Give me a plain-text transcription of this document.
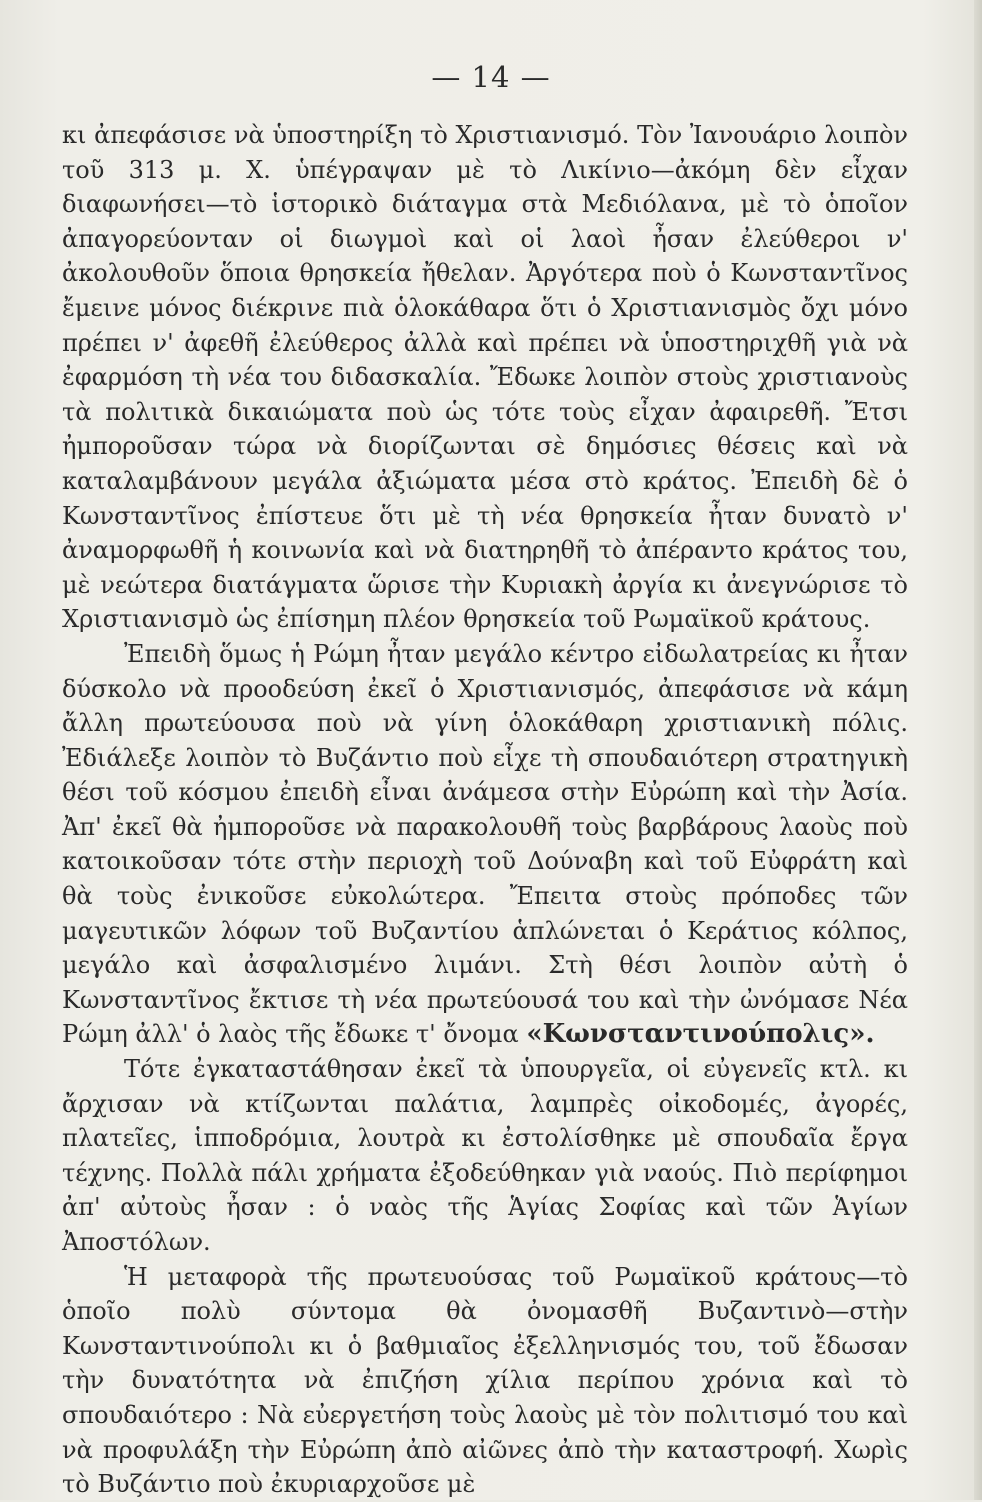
— 14 —

κι ἀπεφάσισε νὰ ὑποστηρίξη τὸ Χριστιανισμό. Τὸν Ἰανουάριο λοιπὸν τοῦ 313 μ. Χ. ὑπέγραψαν μὲ τὸ Λικίνιο—ἀκόμη δὲν εἶχαν διαφωνήσει—τὸ ἱστορικὸ διάταγμα στὰ Μεδιόλανα, μὲ τὸ ὁποῖον ἀπαγορεύονταν οἱ διωγμοὶ καὶ οἱ λαοὶ ἦσαν ἐλεύθεροι ν' ἀκολουθοῦν ὅποια θρησκεία ἤθελαν. Ἀργότερα ποὺ ὁ Κωνσταντῖνος ἔμεινε μόνος διέκρινε πιὰ ὁλοκάθαρα ὅτι ὁ Χριστιανισμὸς ὄχι μόνο πρέπει ν' ἀφεθῆ ἐλεύθερος ἀλλὰ καὶ πρέπει νὰ ὑποστηριχθῆ γιὰ νὰ ἐφαρμόση τὴ νέα του διδασκαλία. Ἔδωκε λοιπὸν στοὺς χριστιανοὺς τὰ πολιτικὰ δικαιώματα ποὺ ὡς τότε τοὺς εἶχαν ἀφαιρεθῆ. Ἔτσι ἠμποροῦσαν τώρα νὰ διορίζωνται σὲ δημόσιες θέσεις καὶ νὰ καταλαμβάνουν μεγάλα ἀξιώματα μέσα στὸ κράτος. Ἐπειδὴ δὲ ὁ Κωνσταντῖνος ἐπίστευε ὅτι μὲ τὴ νέα θρησκεία ἦταν δυνατὸ ν' ἀναμορφωθῆ ἡ κοινωνία καὶ νὰ διατηρηθῆ τὸ ἀπέραντο κράτος του, μὲ νεώτερα διατάγματα ὥρισε τὴν Κυριακὴ ἀργία κι ἀνεγνώρισε τὸ Χριστιανισμὸ ὡς ἐπίσημη πλέον θρησκεία τοῦ Ρωμαϊκοῦ κράτους.

Ἐπειδὴ ὅμως ἡ Ρώμη ἦταν μεγάλο κέντρο εἰδωλατρείας κι ἦταν δύσκολο νὰ προοδεύση ἐκεῖ ὁ Χριστιανισμός, ἀπεφάσισε νὰ κάμη ἄλλη πρωτεύουσα ποὺ νὰ γίνη ὁλοκάθαρη χριστιανικὴ πόλις. Ἐδιάλεξε λοιπὸν τὸ Βυζάντιο ποὺ εἶχε τὴ σπουδαιότερη στρατηγικὴ θέσι τοῦ κόσμου ἐπειδὴ εἶναι ἀνάμεσα στὴν Εὐρώπη καὶ τὴν Ἀσία. Ἀπ' ἐκεῖ θὰ ἠμποροῦσε νὰ παρακολουθῆ τοὺς βαρβάρους λαοὺς ποὺ κατοικοῦσαν τότε στὴν περιοχὴ τοῦ Δούναβη καὶ τοῦ Εὐφράτη καὶ θὰ τοὺς ἐνικοῦσε εὐκολώτερα. Ἔπειτα στοὺς πρόποδες τῶν μαγευτικῶν λόφων τοῦ Βυζαντίου ἁπλώνεται ὁ Κεράτιος κόλπος, μεγάλο καὶ ἀσφαλισμένο λιμάνι. Στὴ θέσι λοιπὸν αὐτὴ ὁ Κωνσταντῖνος ἔκτισε τὴ νέα πρωτεύουσά του καὶ τὴν ὠνόμασε Νέα Ρώμη ἀλλ' ὁ λαὸς τῆς ἔδωκε τ' ὄνομα «Κωνσταντινούπολις».

Τότε ἐγκαταστάθησαν ἐκεῖ τὰ ὑπουργεῖα, οἱ εὐγενεῖς κτλ. κι ἄρχισαν νὰ κτίζωνται παλάτια, λαμπρὲς οἰκοδομές, ἀγορές, πλατεῖες, ἱπποδρόμια, λουτρὰ κι ἐστολίσθηκε μὲ σπουδαῖα ἔργα τέχνης. Πολλὰ πάλι χρήματα ἐξοδεύθηκαν γιὰ ναούς. Πιὸ περίφημοι ἀπ' αὐτοὺς ἦσαν : ὁ ναὸς τῆς Ἁγίας Σοφίας καὶ τῶν Ἁγίων Ἀποστόλων.

Ἡ μεταφορὰ τῆς πρωτευούσας τοῦ Ρωμαϊκοῦ κράτους—τὸ ὁποῖο πολὺ σύντομα θὰ ὀνομασθῆ Βυζαντινὸ—στὴν Κωνσταντινούπολι κι ὁ βαθμιαῖος ἐξελληνισμός του, τοῦ ἔδωσαν τὴν δυνατότητα νὰ ἐπιζήση χίλια περίπου χρόνια καὶ τὸ σπουδαιότερο : Νὰ εὐεργετήση τοὺς λαοὺς μὲ τὸν πολιτισμό του καὶ νὰ προφυλάξη τὴν Εὐρώπη ἀπὸ αἰῶνες ἀπὸ τὴν καταστροφή. Χωρὶς τὸ Βυζάντιο ποὺ ἐκυριαρχοῦσε μὲ
